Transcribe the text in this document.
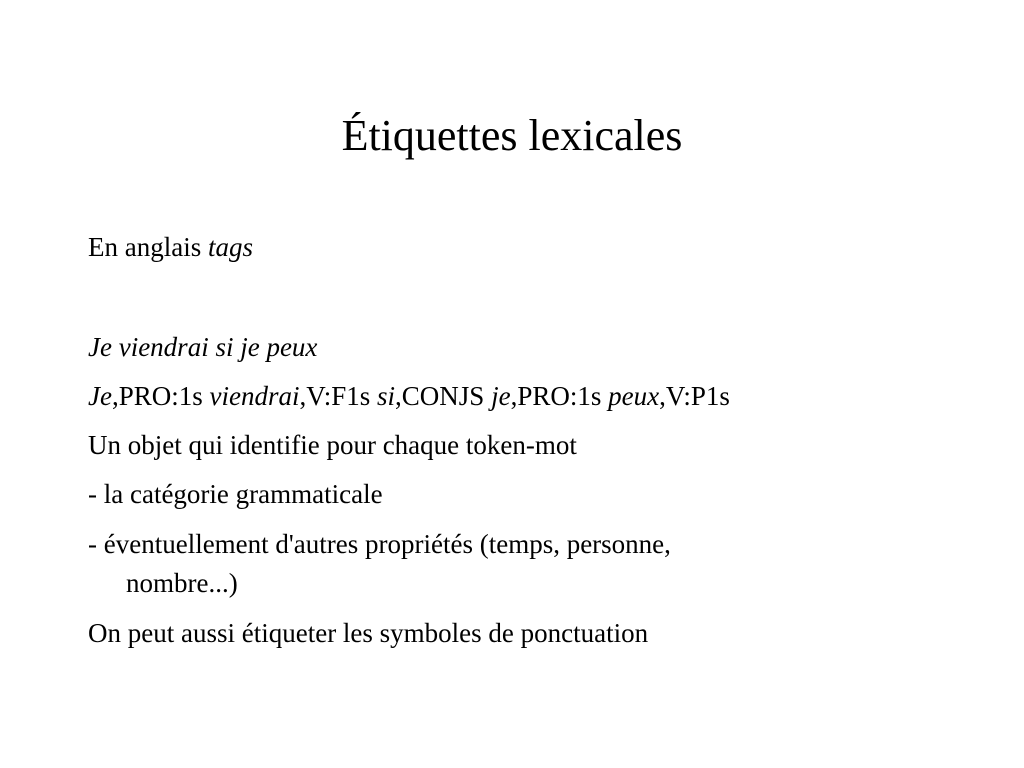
Étiquettes lexicales

En anglais tags

Je viendrai si je peux

Je,PRO:1s viendrai,V:F1s si,CONJS je,PRO:1s peux,V:P1s

Un objet qui identifie pour chaque token-mot

- la catégorie grammaticale

- éventuellement d'autres propriétés (temps, personne,

nombre...)

On peut aussi étiqueter les symboles de ponctuation
